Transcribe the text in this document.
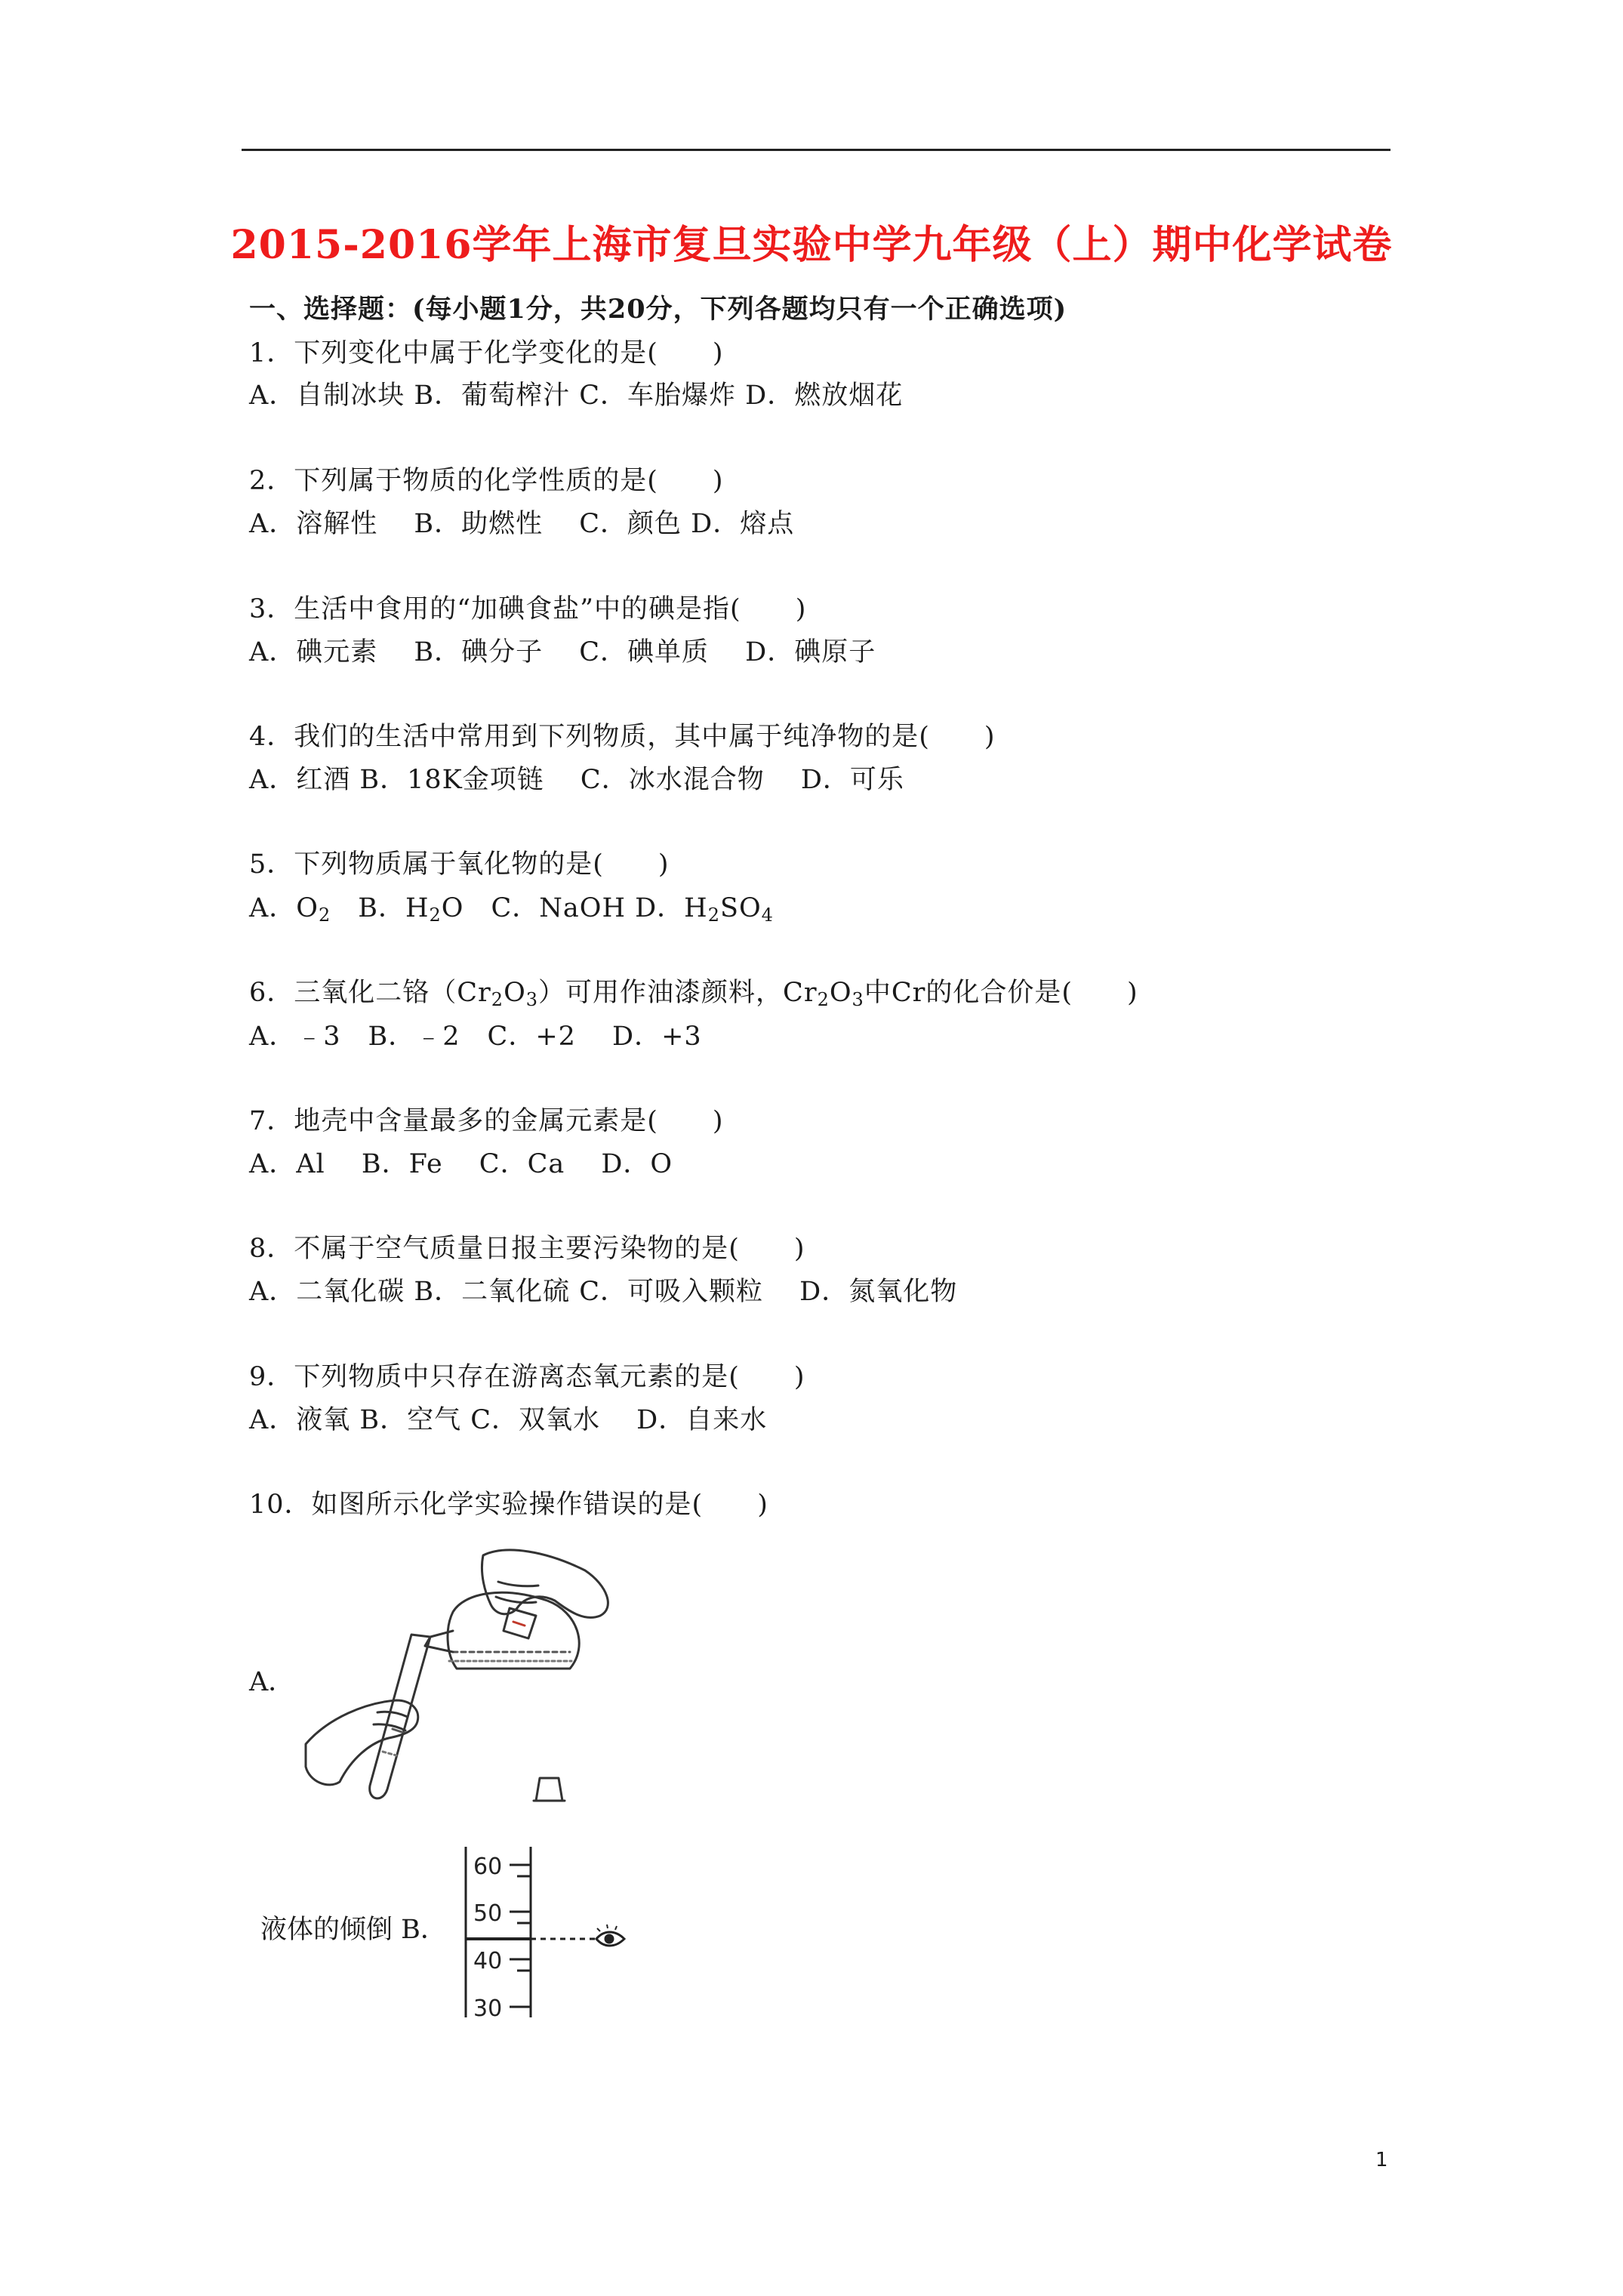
2015-2016学年上海市复旦实验中学九年级（上）期中化学试卷
一、选择题：(每小题1分，共20分，下列各题均只有一个正确选项)
1．下列变化中属于化学变化的是(　　)
A．自制冰块 B．葡萄榨汁 C．车胎爆炸 D．燃放烟花
2．下列属于物质的化学性质的是(　　)
A．溶解性　 B．助燃性　 C．颜色 D．熔点
3．生活中食用的“加碘食盐”中的碘是指(　　)
A．碘元素　 B．碘分子　 C．碘单质　 D．碘原子
4．我们的生活中常用到下列物质，其中属于纯净物的是(　　)
A．红酒 B．18K金项链　 C．冰水混合物　 D．可乐
5．下列物质属于氧化物的是(　　)
A．$O_2$　B．$H_2O$　C．NaOH D．$H_2SO_4$
6．三氧化二铬$(Cr_2O_3)$可用作油漆颜料，$Cr_2O_3$中Cr的化合价是(　　)
A．﹣3　B．﹣2　C．+2　 D．+3
7．地壳中含量最多的金属元素是(　　)
A．Al　 B．Fe　 C．Ca　 D．O
8．不属于空气质量日报主要污染物的是(　　)
A．二氧化碳 B．二氧化硫 C．可吸入颗粒　 D．氮氧化物
9．下列物质中只存在游离态氧元素的是(　　)
A．液氧 B．空气 C．双氧水　 D．自来水
10．如图所示化学实验操作错误的是(　　)
A．
液体的倾倒 B．
60
50
40
30
1
